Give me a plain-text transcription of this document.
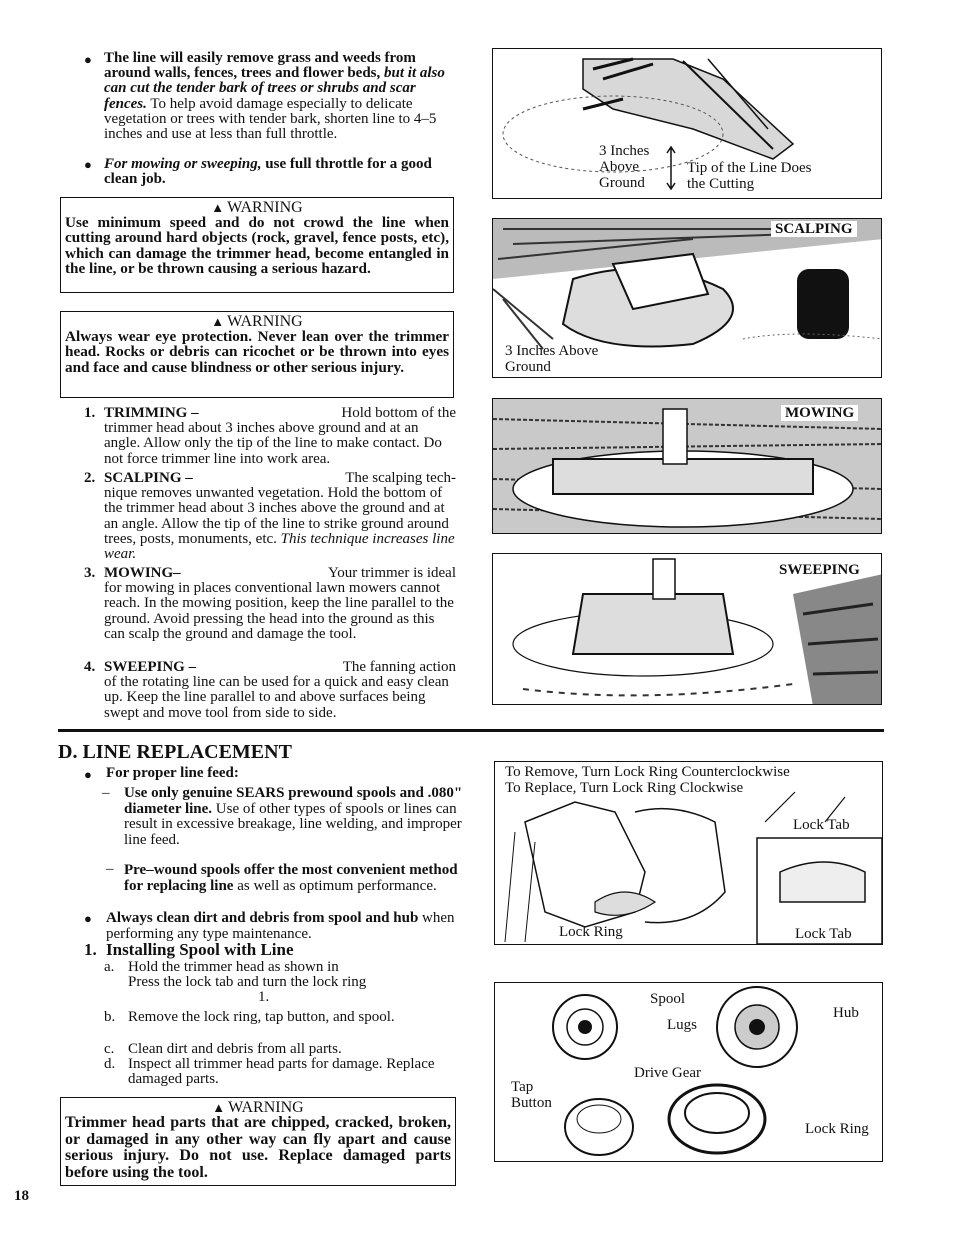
● The line will easily remove grass and weeds from around walls, fences, trees and flower beds, but it also can cut the tender bark of trees or shrubs and scar fences. To help avoid damage especially to delicate vegetation or trees with tender bark, shorten line to 4–5 inches and use at less than full throttle.
● For mowing or sweeping, use full throttle for a good clean job.
▲ WARNING
Use minimum speed and do not crowd the line when cutting around hard objects (rock, gravel, fence posts, etc), which can damage the trimmer head, become entangled in the line, or be thrown causing a serious hazard.
▲ WARNING
Always wear eye protection. Never lean over the trimmer head. Rocks or debris can ricochet or be thrown into eyes and face and cause blindness or other serious injury.
1. TRIMMING –	Hold bottom of the
trimmer head about 3 inches above ground and at an angle. Allow only the tip of the line to make contact. Do not force trimmer line into work area.
2. SCALPING –	The scalping tech-
nique removes unwanted vegetation. Hold the bottom of the trimmer head about 3 inches above the ground and at an angle. Allow the tip of the line to strike ground around trees, posts, monuments, etc. This technique increases line wear.
3. MOWING–	Your trimmer is ideal
for mowing in places conventional lawn mowers cannot reach. In the mowing position, keep the line parallel to the ground. Avoid pressing the head into the ground as this can scalp the ground and damage the tool.
4. SWEEPING –	The fanning action
of the rotating line can be used for a quick and easy clean up. Keep the line parallel to and above surfaces being swept and move tool from side to side.
3 Inches Above Ground
Tip of the Line Does the Cutting
SCALPING
3 Inches Above Ground
MOWING
SWEEPING
D. LINE REPLACEMENT
● For proper line feed:
– Use only genuine SEARS prewound spools and .080" diameter line. Use of other types of spools or lines can result in excessive breakage, line welding, and improper line feed.
– Pre–wound spools offer the most convenient method for replacing line as well as optimum performance.
● Always clean dirt and debris from spool and hub when performing any type maintenance.
1. Installing Spool with Line
a. Hold the trimmer head as shown in
Press the lock tab and turn the lock ring
1.
b. Remove the lock ring, tap button, and spool.
c. Clean dirt and debris from all parts.
d. Inspect all trimmer head parts for damage. Replace damaged parts.
▲ WARNING
Trimmer head parts that are chipped, cracked, broken, or damaged in any other way can fly apart and cause serious injury. Do not use. Replace damaged parts before using the tool.
To Remove, Turn Lock Ring Counterclockwise
To Replace, Turn Lock Ring Clockwise
Lock Tab
Lock Ring	Lock Tab
Spool
Lugs
Hub
Drive Gear
Tap Button
Lock Ring
18
